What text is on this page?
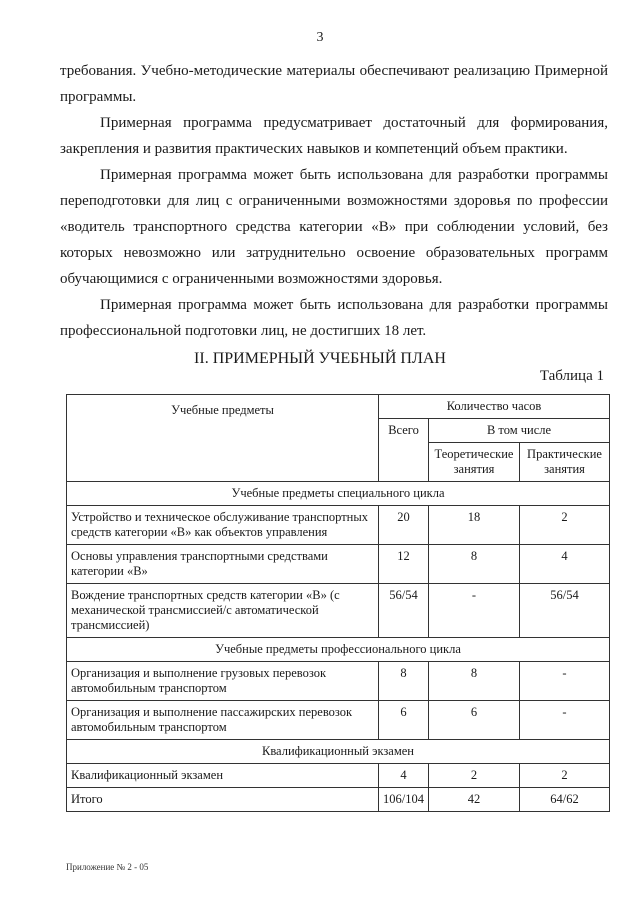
3

требования. Учебно-методические материалы обеспечивают реализацию Примерной программы.

Примерная программа предусматривает достаточный для формирования, закрепления и развития практических навыков и компетенций объем практики.

Примерная программа может быть использована для разработки программы переподготовки для лиц с ограниченными возможностями здоровья по профессии «водитель транспортного средства категории «В» при соблюдении условий, без которых невозможно или затруднительно освоение образовательных программ обучающимися с ограниченными возможностями здоровья.

Примерная программа может быть использована для разработки программы профессиональной подготовки лиц, не достигших 18 лет.

II. ПРИМЕРНЫЙ УЧЕБНЫЙ ПЛАН
Таблица 1
Учебные предметы	Количество часов		
	Всего	В том числе	
		Теоретические занятия	Практические занятия
Учебные предметы специального цикла			
Устройство и техническое обслуживание транспортных средств категории «В» как объектов управления	20	18	2
Основы управления транспортными средствами категории «В»	12	8	4
Вождение транспортных средств категории «В» (с механической трансмиссией/с автоматической трансмиссией)	56/54	-	56/54
Учебные предметы профессионального цикла			
Организация и выполнение грузовых перевозок автомобильным транспортом	8	8	-
Организация и выполнение пассажирских перевозок автомобильным транспортом	6	6	-
Квалификационный экзамен			
Квалификационный экзамен	4	2	2
Итого	106/104	42	64/62
Приложение № 2 - 05
